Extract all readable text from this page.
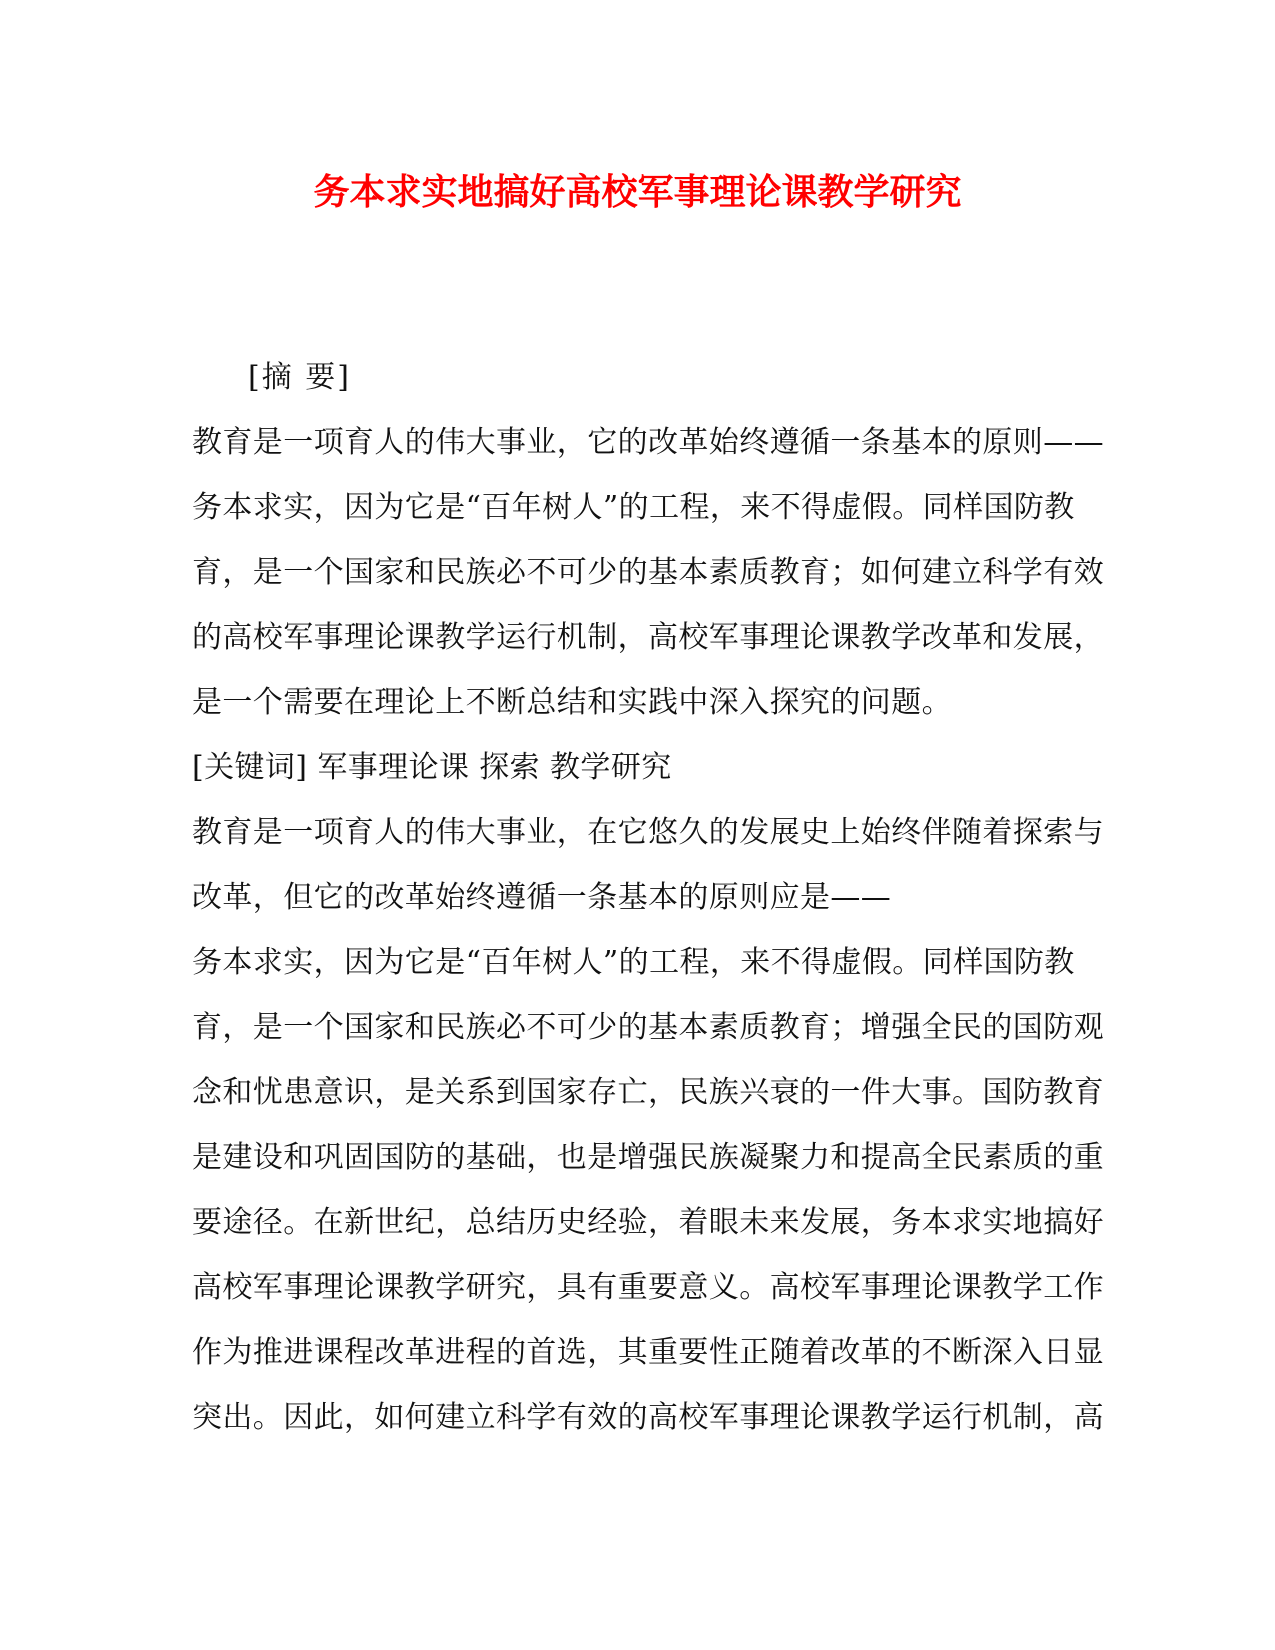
务本求实地搞好高校军事理论课教学研究
[摘 要]
教育是一项育人的伟大事业，它的改革始终遵循一条基本的原则——
务本求实，因为它是“百年树人”的工程，来不得虚假。同样国防教
育，是一个国家和民族必不可少的基本素质教育；如何建立科学有效
的高校军事理论课教学运行机制，高校军事理论课教学改革和发展，
是一个需要在理论上不断总结和实践中深入探究的问题。
[关键词] 军事理论课 探索 教学研究
教育是一项育人的伟大事业，在它悠久的发展史上始终伴随着探索与
改革，但它的改革始终遵循一条基本的原则应是——
务本求实，因为它是“百年树人”的工程，来不得虚假。同样国防教
育，是一个国家和民族必不可少的基本素质教育；增强全民的国防观
念和忧患意识，是关系到国家存亡，民族兴衰的一件大事。国防教育
是建设和巩固国防的基础，也是增强民族凝聚力和提高全民素质的重
要途径。在新世纪，总结历史经验，着眼未来发展，务本求实地搞好
高校军事理论课教学研究，具有重要意义。高校军事理论课教学工作
作为推进课程改革进程的首选，其重要性正随着改革的不断深入日显
突出。因此，如何建立科学有效的高校军事理论课教学运行机制，高
